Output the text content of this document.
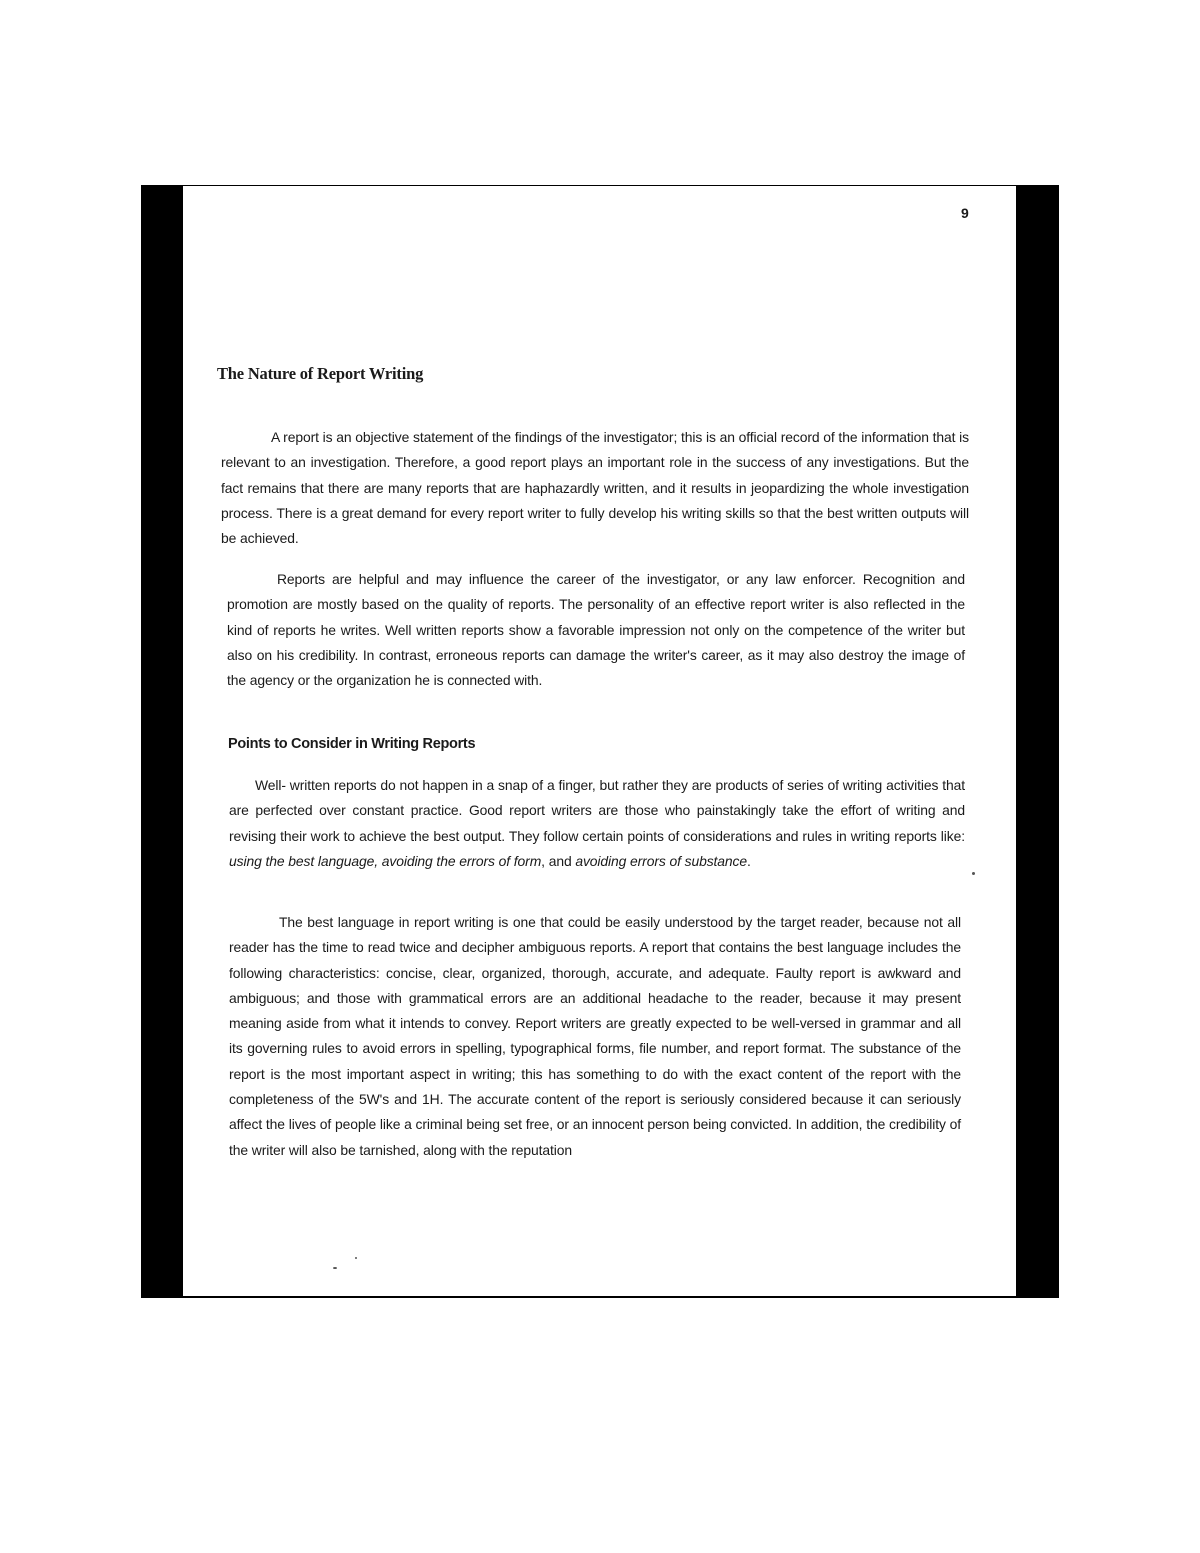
9
The Nature of Report Writing

A report is an objective statement of the findings of the investigator; this is an official record of the information that is relevant to an investigation. Therefore, a good report plays an important role in the success of any investigations. But the fact remains that there are many reports that are haphazardly written, and it results in jeopardizing the whole investigation process. There is a great demand for every report writer to fully develop his writing skills so that the best written outputs will be achieved.

Reports are helpful and may influence the career of the investigator, or any law enforcer. Recognition and promotion are mostly based on the quality of reports. The personality of an effective report writer is also reflected in the kind of reports he writes. Well written reports show a favorable impression not only on the competence of the writer but also on his credibility. In contrast, erroneous reports can damage the writer's career, as it may also destroy the image of the agency or the organization he is connected with.

Points to Consider in Writing Reports

Well- written reports do not happen in a snap of a finger, but rather they are products of series of writing activities that are perfected over constant practice. Good report writers are those who painstakingly take the effort of writing and revising their work to achieve the best output. They follow certain points of considerations and rules in writing reports like: using the best language, avoiding the errors of form, and avoiding errors of substance.

The best language in report writing is one that could be easily understood by the target reader, because not all reader has the time to read twice and decipher ambiguous reports. A report that contains the best language includes the following characteristics: concise, clear, organized, thorough, accurate, and adequate. Faulty report is awkward and ambiguous; and those with grammatical errors are an additional headache to the reader, because it may present meaning aside from what it intends to convey. Report writers are greatly expected to be well-versed in grammar and all its governing rules to avoid errors in spelling, typographical forms, file number, and report format. The substance of the report is the most important aspect in writing; this has something to do with the exact content of the report with the completeness of the 5W's and 1H. The accurate content of the report is seriously considered because it can seriously affect the lives of people like a criminal being set free, or an innocent person being convicted. In addition, the credibility of the writer will also be tarnished, along with the reputation
